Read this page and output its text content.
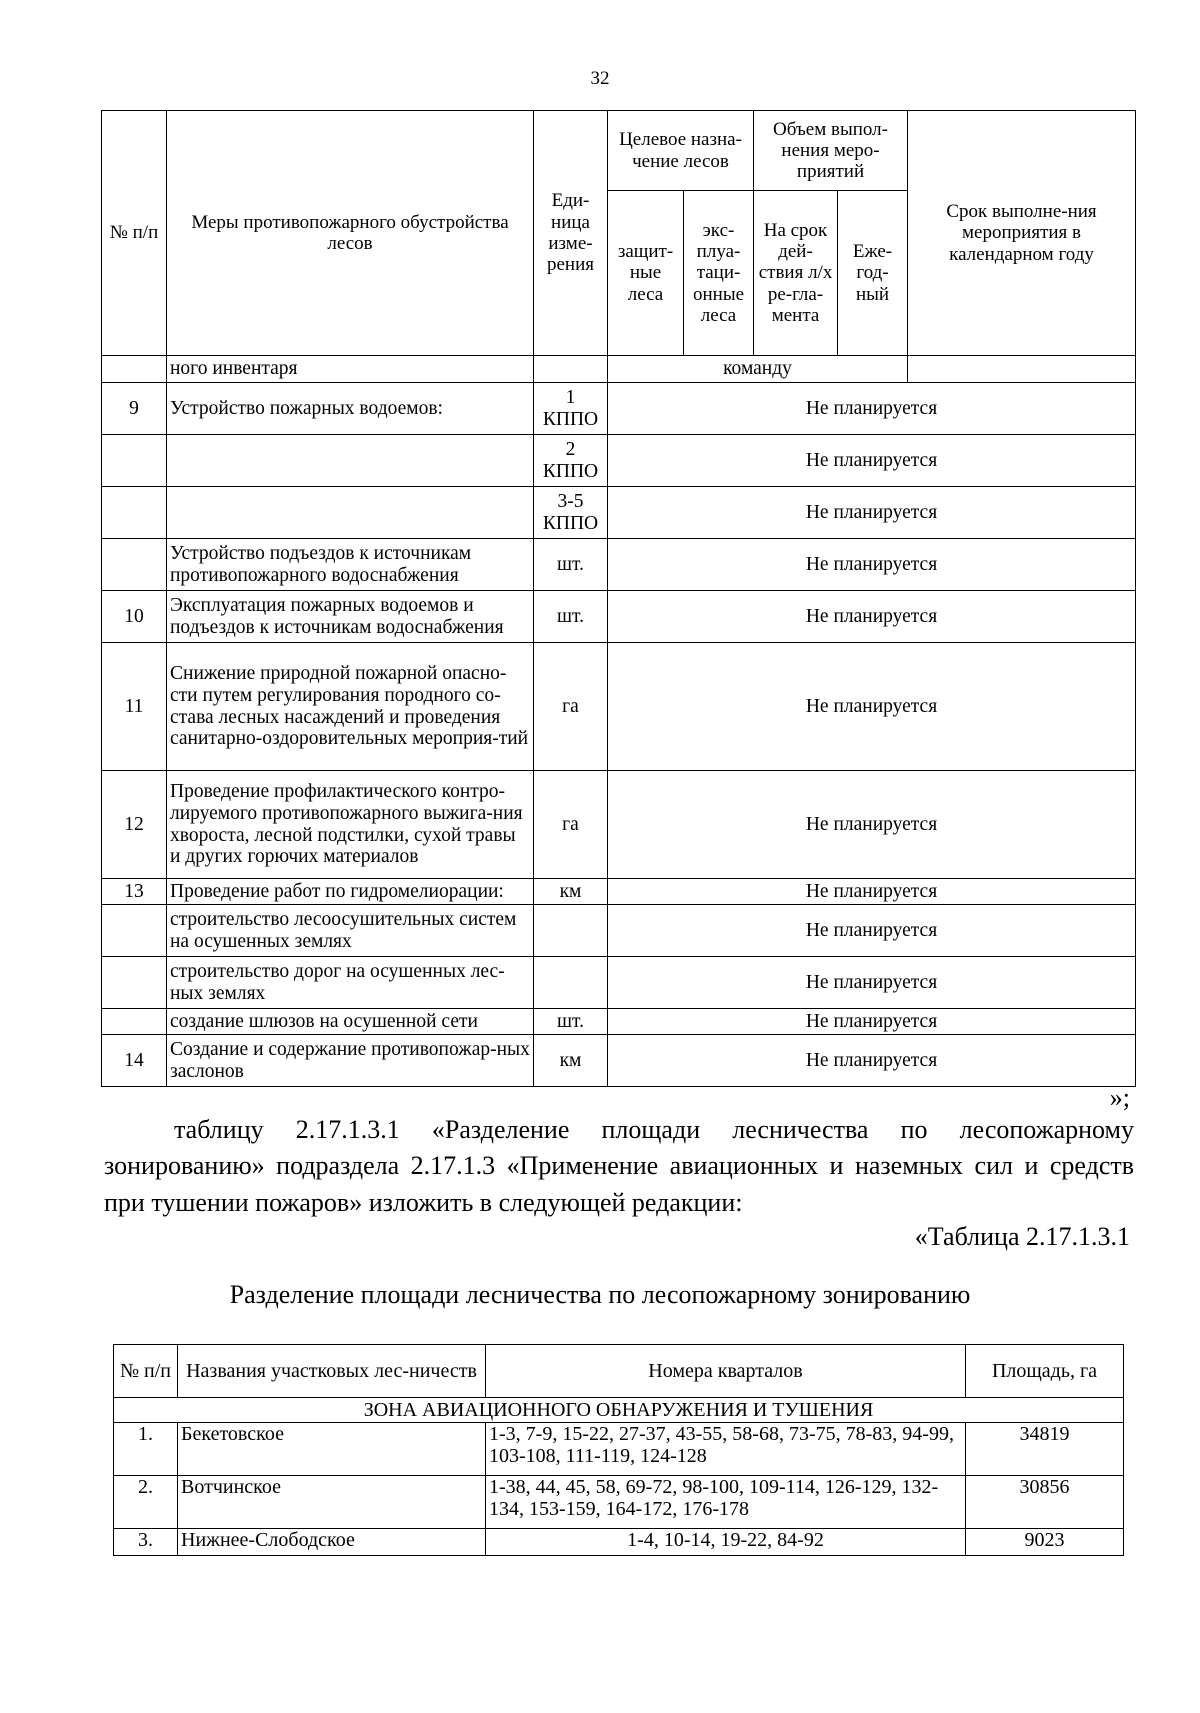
32
№ п/п	Меры противопожарного обустройства лесов	Еди-ница изме-рения	Целевое назна-чение лесов		Объем выпол-нения меро-приятий		Срок выполне-ния мероприятия в календарном году
			защит-ные леса	экс-плуа-таци-онные леса	На срок дей-ствия л/х ре-гла-мента	Еже-год-ный	
	ного инвентаря		команду				
9	Устройство пожарных водоемов:	1 КППО	Не планируется				
		2 КППО	Не планируется				
		3-5 КППО	Не планируется				
	Устройство подъездов к источникам противопожарного водоснабжения	шт.	Не планируется				
10	Эксплуатация пожарных водоемов и подъездов к источникам водоснабжения	шт.	Не планируется				
11	Снижение природной пожарной опасно-сти путем регулирования породного со-става лесных насаждений и проведения санитарно-оздоровительных мероприя-тий	га	Не планируется				
12	Проведение профилактического контро-лируемого противопожарного выжига-ния хвороста, лесной подстилки, сухой травы и других горючих материалов	га	Не планируется				
13	Проведение работ по гидромелиорации:	км	Не планируется				
	строительство лесоосушительных систем на осушенных землях		Не планируется				
	строительство дорог на осушенных лес-ных землях		Не планируется				
	создание шлюзов на осушенной сети	шт.	Не планируется				
14	Создание и содержание противопожар-ных заслонов	км	Не планируется				
»;
таблицу 2.17.1.3.1 «Разделение площади лесничества по лесопожарному зонированию» подраздела 2.17.1.3 «Применение авиационных и наземных сил и средств при тушении пожаров» изложить в следующей редакции:
«Таблица 2.17.1.3.1
Разделение площади лесничества по лесопожарному зонированию
№ п/п	Названия участковых лес-ничеств	Номера кварталов	Площадь, га
ЗОНА АВИАЦИОННОГО ОБНАРУЖЕНИЯ И ТУШЕНИЯ			
1.	Бекетовское	1-3, 7-9, 15-22, 27-37, 43-55, 58-68, 73-75, 78-83, 94-99, 103-108, 111-119, 124-128	34819
2.	Вотчинское	1-38, 44, 45, 58, 69-72, 98-100, 109-114, 126-129, 132-134, 153-159, 164-172, 176-178	30856
3.	Нижнее-Слободское	1-4, 10-14, 19-22, 84-92	9023
